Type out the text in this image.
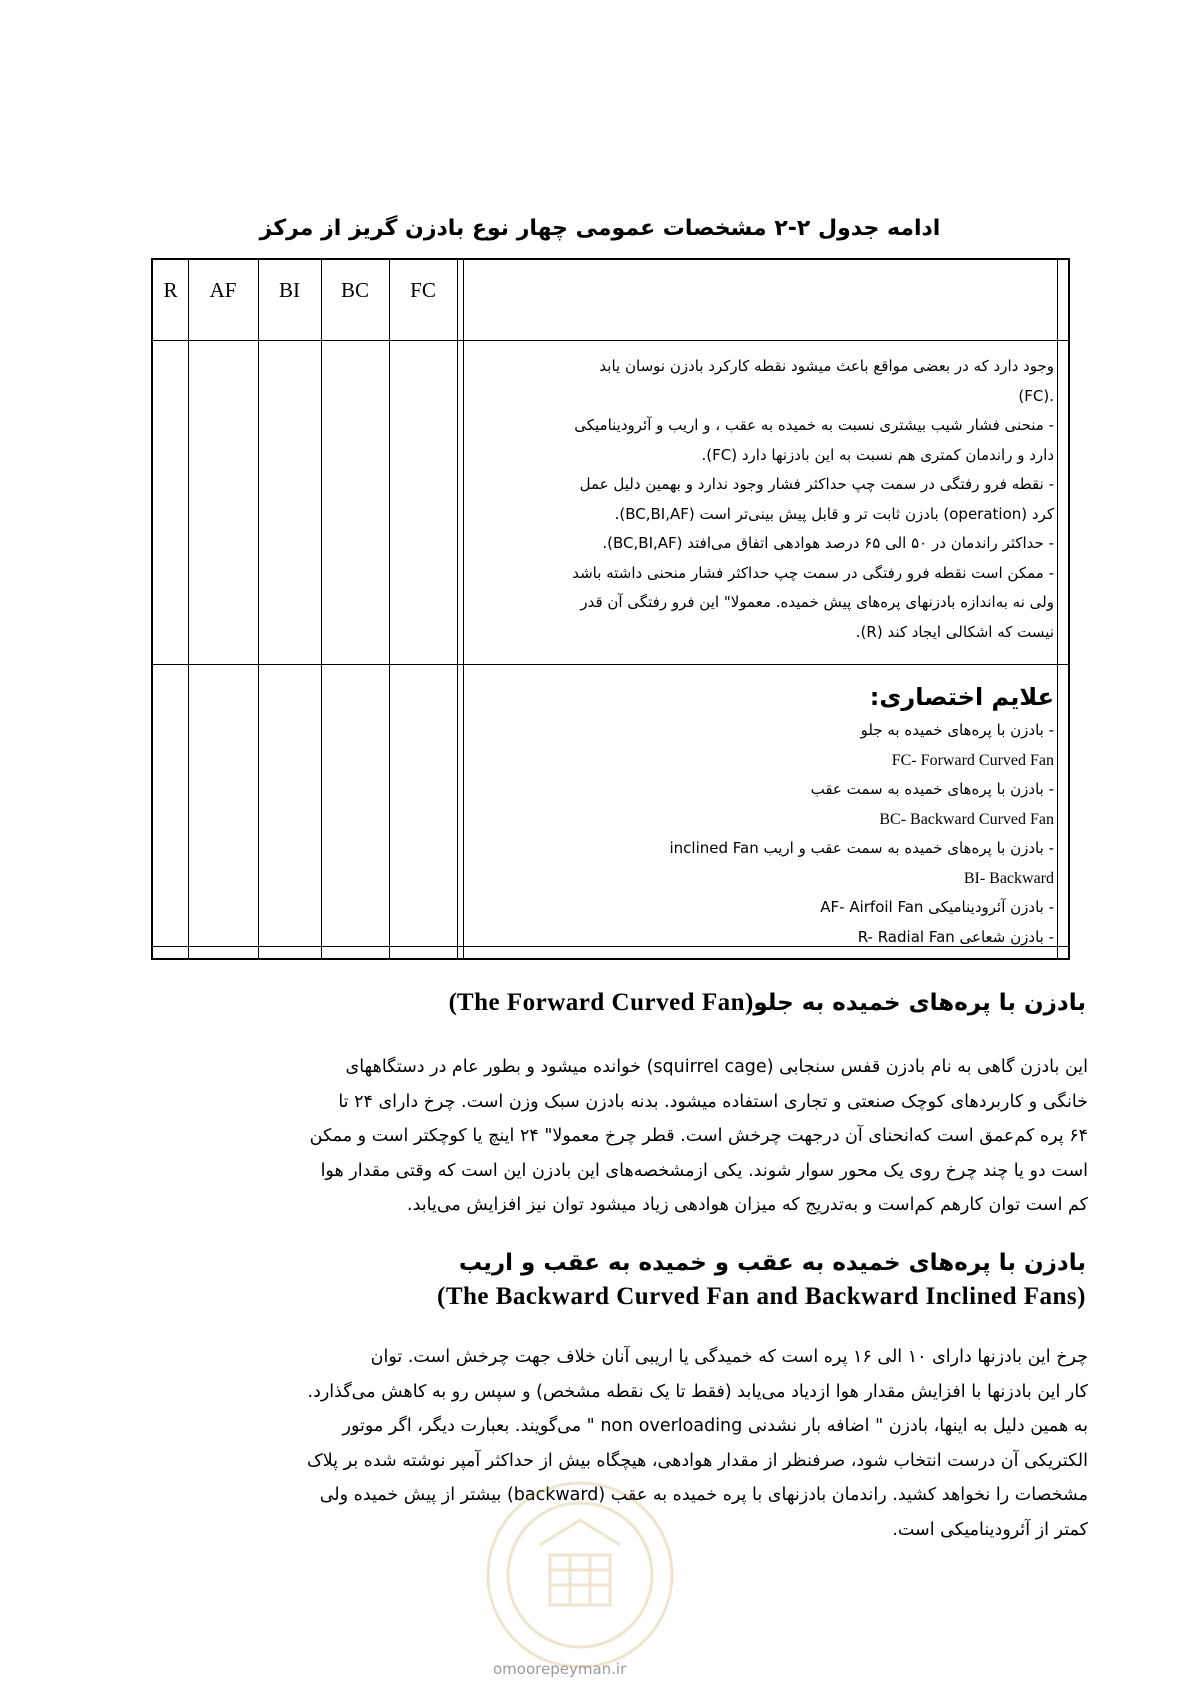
ادامه جدول ۲-۲ مشخصات عمومی چهار نوع بادزن گریز از مرکز
R	AF	BI	BC	FC

وجود دارد که در بعضی مواقع باعث میشود نقطه کارکرد بادزن نوسان یابد

.(FC)

- منحنی فشار شیب بیشتری نسبت به خمیده به عقب ، و اریب و آئرودینامیکی

دارد و راندمان کمتری هم نسبت به این بادزنها دارد (FC).

- نقطه فرو رفتگی در سمت چپ حداکثر فشار وجود ندارد و بهمین دلیل عمل

کرد (operation) بادزن ثابت تر و قابل پیش بینی‌تر است (BC,BI,AF).

- حداکثر راندمان در ۵۰ الی ۶۵ درصد هوادهی اتفاق می‌افتد (BC,BI,AF).

- ممکن است نقطه فرو رفتگی در سمت چپ حداکثر فشار منحنی داشته باشد

ولی نه به‌اندازه بادزنهای پره‌های پیش خمیده. معمولا" این فرو رفتگی آن قدر

نیست که اشکالی ایجاد کند (R).

علایم اختصاری:

- بادزن با پره‌های خمیده به جلو

FC- Forward Curved Fan

- بادزن با پره‌های خمیده به سمت عقب

BC- Backward Curved Fan

- بادزن با پره‌های خمیده به سمت عقب و اریب inclined Fan

BI- Backward

- بادزن آئرودینامیکی AF- Airfoil Fan

- بادزن شعاعی R- Radial Fan

بادزن با پره‌های خمیده به جلو(The Forward Curved Fan)

این بادزن گاهی به نام بادزن قفس سنجابی (squirrel cage) خوانده میشود و بطور عام در دستگاههای

خانگی و کاربردهای کوچک صنعتی و تجاری استفاده میشود. بدنه بادزن سبک وزن است. چرخ دارای ۲۴ تا

۶۴ پره کم‌عمق است که‌انحنای آن درجهت چرخش است. قطر چرخ معمولا" ۲۴ اینچ یا کوچکتر است و ممکن

است دو یا چند چرخ روی یک محور سوار شوند. یکی ازمشخصه‌های این بادزن این است که وقتی مقدار هوا

کم است توان کارهم کم‌است و به‌تدریج که میزان هوادهی زیاد میشود توان نیز افزایش می‌یابد.

بادزن با پره‌های خمیده به عقب و خمیده به عقب و اریب
(The Backward Curved Fan and Backward Inclined Fans)

چرخ این بادزنها دارای ۱۰ الی ۱۶ پره است که خمیدگی یا اریبی آنان خلاف جهت چرخش است. توان

کار این بادزنها با افزایش مقدار هوا ازدیاد می‌یابد (فقط تا یک نقطه مشخص) و سپس رو به کاهش می‌گذارد.

به همین دلیل به اینها، بادزن " اضافه بار نشدنی non overloading " می‌گویند. بعبارت دیگر، اگر موتور

الکتریکی آن درست انتخاب شود، صرفنظر از مقدار هوادهی، هیچگاه بیش از حداکثر آمپر نوشته شده بر پلاک

مشخصات را نخواهد کشید. راندمان بادزنهای با پره خمیده به عقب (backward) بیشتر از پیش خمیده ولی

کمتر از آئرودینامیکی است.

omoorepeyman.ir
